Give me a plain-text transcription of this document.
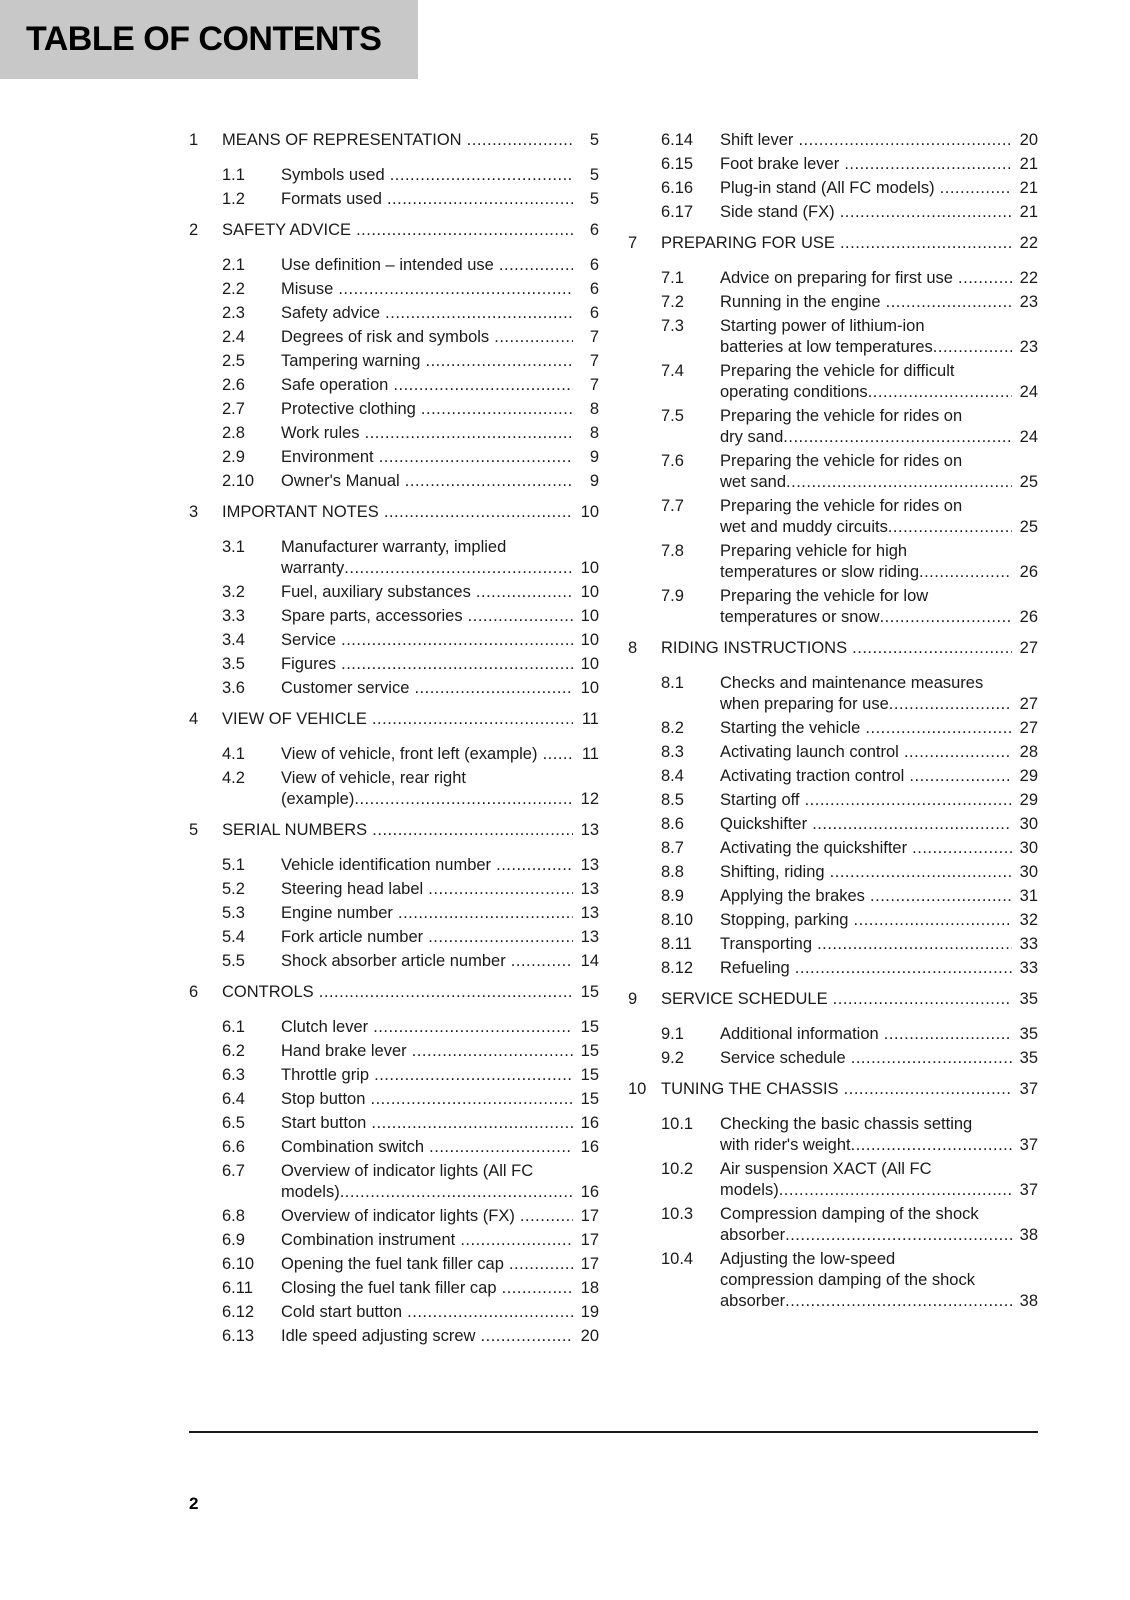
TABLE OF CONTENTS
1	MEANS OF REPRESENTATION .....	5
1.1	Symbols used .....	5
1.2	Formats used .....	5
2	SAFETY ADVICE .....	6
2.1	Use definition – intended use .....	6
2.2	Misuse .....	6
2.3	Safety advice .....	6
2.4	Degrees of risk and symbols .....	7
2.5	Tampering warning .....	7
2.6	Safe operation .....	7
2.7	Protective clothing .....	8
2.8	Work rules .....	8
2.9	Environment .....	9
2.10	Owner's Manual .....	9
3	IMPORTANT NOTES .....	10
3.1	Manufacturer warranty, implied
warranty .....	10
3.2	Fuel, auxiliary substances .....	10
3.3	Spare parts, accessories .....	10
3.4	Service .....	10
3.5	Figures .....	10
3.6	Customer service .....	10
4	VIEW OF VEHICLE .....	11
4.1	View of vehicle, front left (example) .....	11
4.2	View of vehicle, rear right
(example) .....	12
5	SERIAL NUMBERS .....	13
5.1	Vehicle identification number .....	13
5.2	Steering head label .....	13
5.3	Engine number .....	13
5.4	Fork article number .....	13
5.5	Shock absorber article number .....	14
6	CONTROLS .....	15
6.1	Clutch lever .....	15
6.2	Hand brake lever .....	15
6.3	Throttle grip .....	15
6.4	Stop button .....	15
6.5	Start button .....	16
6.6	Combination switch .....	16
6.7	Overview of indicator lights (All FC
models) .....	16
6.8	Overview of indicator lights (FX) .....	17
6.9	Combination instrument .....	17
6.10	Opening the fuel tank filler cap .....	17
6.11	Closing the fuel tank filler cap .....	18
6.12	Cold start button .....	19
6.13	Idle speed adjusting screw .....	20
6.14	Shift lever .....	20
6.15	Foot brake lever .....	21
6.16	Plug-in stand (All FC models) .....	21
6.17	Side stand (FX) .....	21
7	PREPARING FOR USE .....	22
7.1	Advice on preparing for first use .....	22
7.2	Running in the engine .....	23
7.3	Starting power of lithium-ion
batteries at low temperatures .....	23
7.4	Preparing the vehicle for difficult
operating conditions .....	24
7.5	Preparing the vehicle for rides on
dry sand .....	24
7.6	Preparing the vehicle for rides on
wet sand .....	25
7.7	Preparing the vehicle for rides on
wet and muddy circuits .....	25
7.8	Preparing vehicle for high
temperatures or slow riding .....	26
7.9	Preparing the vehicle for low
temperatures or snow .....	26
8	RIDING INSTRUCTIONS .....	27
8.1	Checks and maintenance measures
when preparing for use .....	27
8.2	Starting the vehicle .....	27
8.3	Activating launch control .....	28
8.4	Activating traction control .....	29
8.5	Starting off .....	29
8.6	Quickshifter .....	30
8.7	Activating the quickshifter .....	30
8.8	Shifting, riding .....	30
8.9	Applying the brakes .....	31
8.10	Stopping, parking .....	32
8.11	Transporting .....	33
8.12	Refueling .....	33
9	SERVICE SCHEDULE .....	35
9.1	Additional information .....	35
9.2	Service schedule .....	35
10 TUNING THE CHASSIS .....	37
10.1	Checking the basic chassis setting
with rider's weight .....	37
10.2	Air suspension XACT (All FC
models) .....	37
10.3	Compression damping of the shock
absorber .....	38
10.4	Adjusting the low-speed
compression damping of the shock
absorber .....	38
2
